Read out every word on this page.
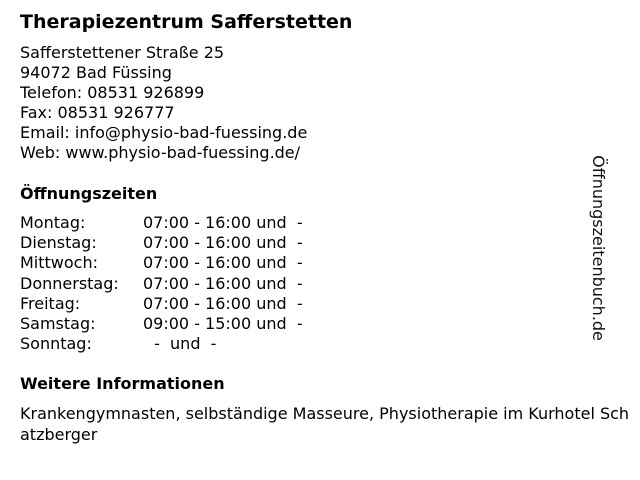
Therapiezentrum Safferstetten
Safferstettener Straße 25
94072 Bad Füssing
Telefon: 08531 926899
Fax: 08531 926777
Email: info@physio-bad-fuessing.de
Web: www.physio-bad-fuessing.de/
Öffnungszeiten
Montag:	07:00 - 16:00 und  -
Dienstag:	07:00 - 16:00 und  -
Mittwoch:	07:00 - 16:00 und  -
Donnerstag: 07:00 - 16:00 und  -
Freitag:	07:00 - 16:00 und  -
Samstag:	09:00 - 15:00 und  -
Sonntag:	-  und  -
Weitere Informationen
Krankengymnasten, selbständige Masseure, Physiotherapie im Kurhotel Schatzberger
Öffnungszeitenbuch.de
